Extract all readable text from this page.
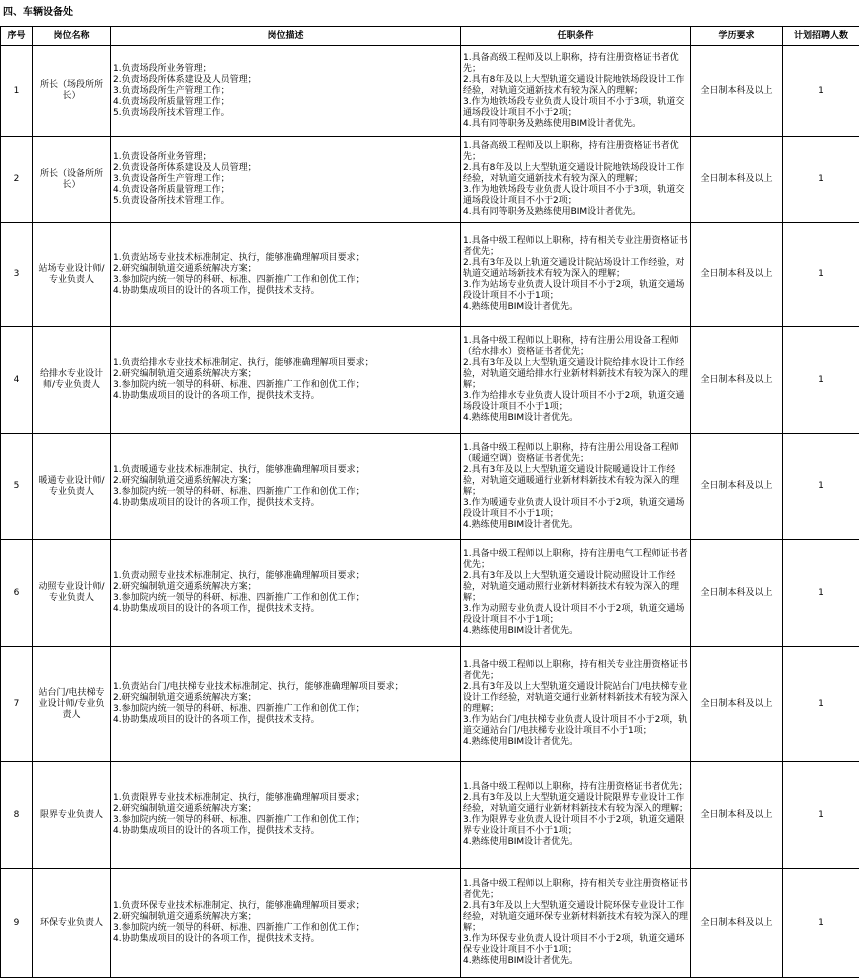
四、车辆设备处
序号	岗位名称	岗位描述	任职条件	学历要求	计划招聘人数
1	所长（场段所所长）	1.负责场段所业务管理；
2.负责场段所体系建设及人员管理；
3.负责场段所生产管理工作；
4.负责场段所质量管理工作；
5.负责场段所技术管理工作。	1.具备高级工程师及以上职称，持有注册资格证书者优先；
2.具有8年及以上大型轨道交通设计院地铁场段设计工作经验，对轨道交通新技术有较为深入的理解；
3.作为地铁场段专业负责人设计项目不小于3项，轨道交通场段设计项目不小于2项；
4.具有同等职务及熟练使用BIM设计者优先。	全日制本科及以上	1
2	所长（设备所所长）	1.负责设备所业务管理；
2.负责设备所体系建设及人员管理；
3.负责设备所生产管理工作；
4.负责设备所质量管理工作；
5.负责设备所技术管理工作。	1.具备高级工程师及以上职称，持有注册资格证书者优先；
2.具有8年及以上大型轨道交通设计院地铁场段设计工作经验，对轨道交通新技术有较为深入的理解；
3.作为地铁场段专业负责人设计项目不小于3项，轨道交通场段设计项目不小于2项；
4.具有同等职务及熟练使用BIM设计者优先。	全日制本科及以上	1
3	站场专业设计师/专业负责人	1.负责站场专业技术标准制定、执行，能够准确理解项目要求；
2.研究编制轨道交通系统解决方案；
3.参加院内统一领导的科研、标准、四新推广工作和创优工作；
4.协助集成项目的设计的各项工作，提供技术支持。	1.具备中级工程师以上职称，持有相关专业注册资格证书者优先；
2.具有3年及以上轨道交通设计院站场设计工作经验，对轨道交通站场新技术有较为深入的理解；
3.作为站场专业负责人设计项目不小于2项，轨道交通场段设计项目不小于1项；
4.熟练使用BIM设计者优先。	全日制本科及以上	1
4	给排水专业设计师/专业负责人	1.负责给排水专业技术标准制定、执行，能够准确理解项目要求；
2.研究编制轨道交通系统解决方案；
3.参加院内统一领导的科研、标准、四新推广工作和创优工作；
4.协助集成项目的设计的各项工作，提供技术支持。	1.具备中级工程师以上职称，持有注册公用设备工程师（给水排水）资格证书者优先；
2.具有3年及以上大型轨道交通设计院给排水设计工作经验，对轨道交通给排水行业新材料新技术有较为深入的理解；
3.作为给排水专业负责人设计项目不小于2项，轨道交通场段设计项目不小于1项；
4.熟练使用BIM设计者优先。	全日制本科及以上	1
5	暖通专业设计师/专业负责人	1.负责暖通专业技术标准制定、执行，能够准确理解项目要求；
2.研究编制轨道交通系统解决方案；
3.参加院内统一领导的科研、标准、四新推广工作和创优工作；
4.协助集成项目的设计的各项工作，提供技术支持。	1.具备中级工程师以上职称，持有注册公用设备工程师（暖通空调）资格证书者优先；
2.具有3年及以上大型轨道交通设计院暖通设计工作经验，对轨道交通暖通行业新材料新技术有较为深入的理解；
3.作为暖通专业负责人设计项目不小于2项，轨道交通场段设计项目不小于1项；
4.熟练使用BIM设计者优先。	全日制本科及以上	1
6	动照专业设计师/专业负责人	1.负责动照专业技术标准制定、执行，能够准确理解项目要求；
2.研究编制轨道交通系统解决方案；
3.参加院内统一领导的科研、标准、四新推广工作和创优工作；
4.协助集成项目的设计的各项工作，提供技术支持。	1.具备中级工程师以上职称，持有注册电气工程师证书者优先；
2.具有3年及以上大型轨道交通设计院动照设计工作经验，对轨道交通动照行业新材料新技术有较为深入的理解；
3.作为动照专业负责人设计项目不小于2项，轨道交通场段设计项目不小于1项；
4.熟练使用BIM设计者优先。	全日制本科及以上	1
7	站台门/电扶梯专业设计师/专业负责人	1.负责站台门/电扶梯专业技术标准制定、执行，能够准确理解项目要求；
2.研究编制轨道交通系统解决方案；
3.参加院内统一领导的科研、标准、四新推广工作和创优工作；
4.协助集成项目的设计的各项工作，提供技术支持。	1.具备中级工程师以上职称，持有相关专业注册资格证书者优先；
2.具有3年及以上大型轨道交通设计院站台门/电扶梯专业设计工作经验，对轨道交通行业新材料新技术有较为深入的理解；
3.作为站台门/电扶梯专业负责人设计项目不小于2项，轨道交通站台门/电扶梯专业设计项目不小于1项；
4.熟练使用BIM设计者优先。	全日制本科及以上	1
8	限界专业负责人	1.负责限界专业技术标准制定、执行，能够准确理解项目要求；
2.研究编制轨道交通系统解决方案；
3.参加院内统一领导的科研、标准、四新推广工作和创优工作；
4.协助集成项目的设计的各项工作，提供技术支持。	1.具备中级工程师以上职称，持有注册资格证书者优先；
2.具有3年及以上大型轨道交通设计院限界专业设计工作经验，对轨道交通行业新材料新技术有较为深入的理解；
3.作为限界专业负责人设计项目不小于2项，轨道交通限界专业设计项目不小于1项；
4.熟练使用BIM设计者优先。	全日制本科及以上	1
9	环保专业负责人	1.负责环保专业技术标准制定、执行，能够准确理解项目要求；
2.研究编制轨道交通系统解决方案；
3.参加院内统一领导的科研、标准、四新推广工作和创优工作；
4.协助集成项目的设计的各项工作，提供技术支持。	1.具备中级工程师以上职称，持有相关专业注册资格证书者优先；
2.具有3年及以上大型轨道交通设计院环保专业设计工作经验，对轨道交通环保专业新材料新技术有较为深入的理解；
3.作为环保专业负责人设计项目不小于2项，轨道交通环保专业设计项目不小于1项；
4.熟练使用BIM设计者优先。	全日制本科及以上	1
